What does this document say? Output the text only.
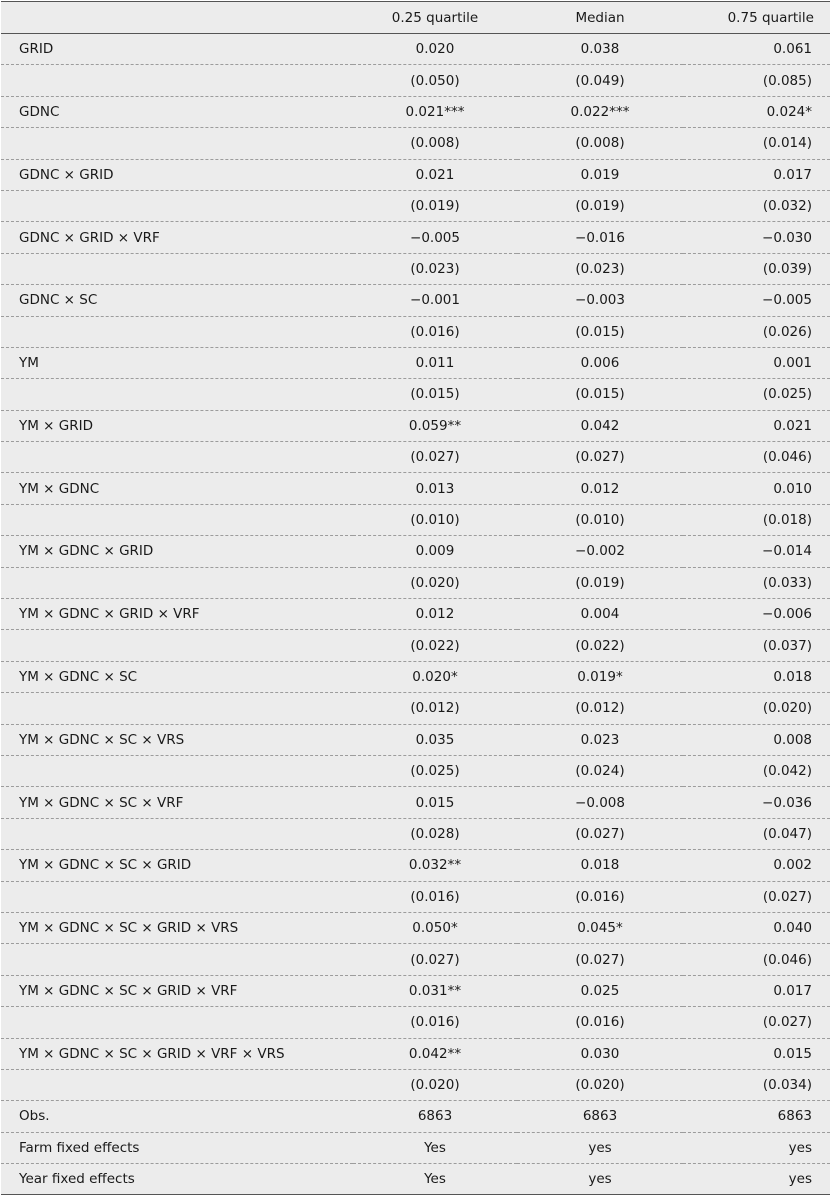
	0.25 quartile	Median	0.75 quartile
GRID	0.020	0.038	0.061
	(0.050)	(0.049)	(0.085)
GDNC	0.021***	0.022***	0.024*
	(0.008)	(0.008)	(0.014)
GDNC × GRID	0.021	0.019	0.017
	(0.019)	(0.019)	(0.032)
GDNC × GRID × VRF	−0.005	−0.016	−0.030
	(0.023)	(0.023)	(0.039)
GDNC × SC	−0.001	−0.003	−0.005
	(0.016)	(0.015)	(0.026)
YM	0.011	0.006	0.001
	(0.015)	(0.015)	(0.025)
YM × GRID	0.059**	0.042	0.021
	(0.027)	(0.027)	(0.046)
YM × GDNC	0.013	0.012	0.010
	(0.010)	(0.010)	(0.018)
YM × GDNC × GRID	0.009	−0.002	−0.014
	(0.020)	(0.019)	(0.033)
YM × GDNC × GRID × VRF	0.012	0.004	−0.006
	(0.022)	(0.022)	(0.037)
YM × GDNC × SC	0.020*	0.019*	0.018
	(0.012)	(0.012)	(0.020)
YM × GDNC × SC × VRS	0.035	0.023	0.008
	(0.025)	(0.024)	(0.042)
YM × GDNC × SC × VRF	0.015	−0.008	−0.036
	(0.028)	(0.027)	(0.047)
YM × GDNC × SC × GRID	0.032**	0.018	0.002
	(0.016)	(0.016)	(0.027)
YM × GDNC × SC × GRID × VRS	0.050*	0.045*	0.040
	(0.027)	(0.027)	(0.046)
YM × GDNC × SC × GRID × VRF	0.031**	0.025	0.017
	(0.016)	(0.016)	(0.027)
YM × GDNC × SC × GRID × VRF × VRS	0.042**	0.030	0.015
	(0.020)	(0.020)	(0.034)
Obs.	6863	6863	6863
Farm fixed effects	Yes	yes	yes
Year fixed effects	Yes	yes	yes
